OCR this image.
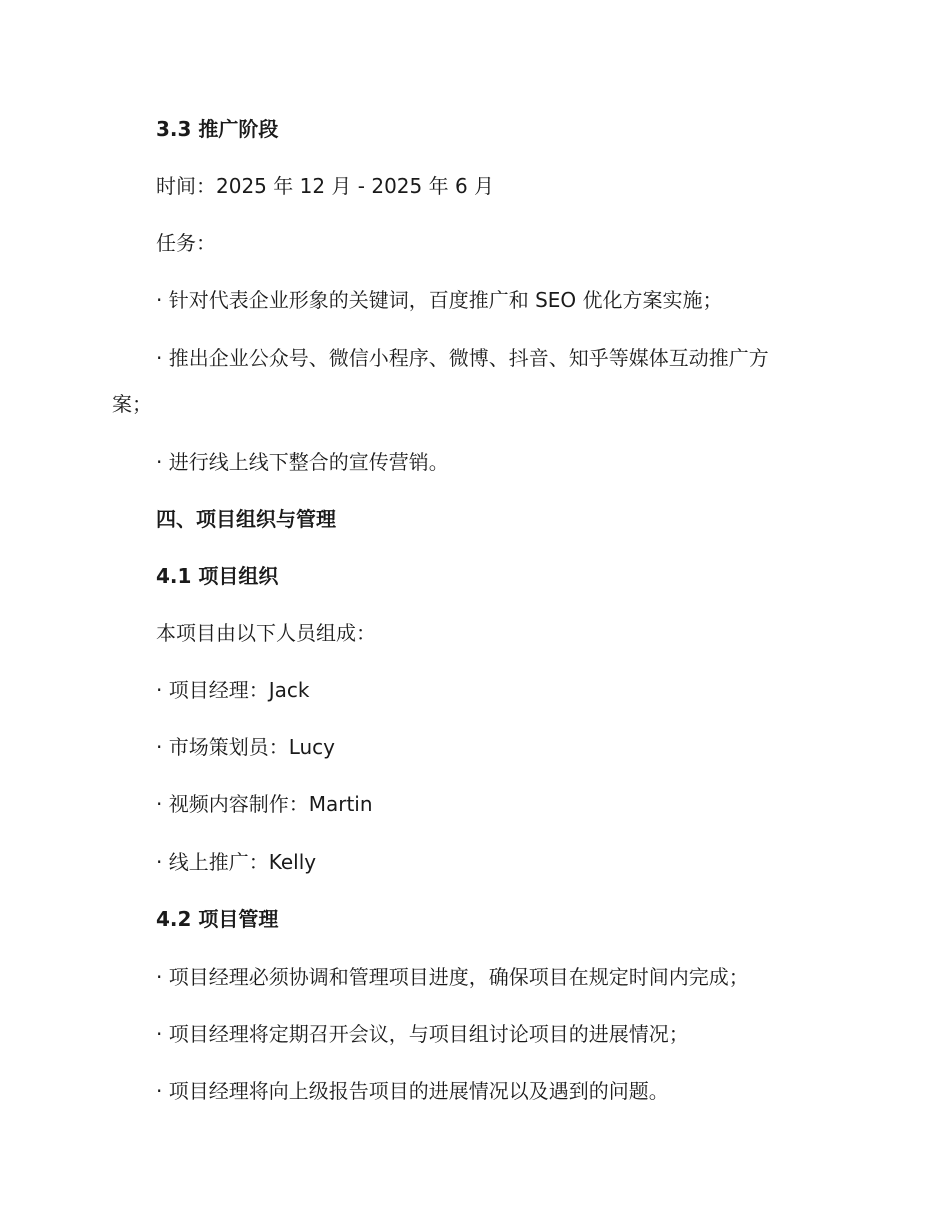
3.3 推广阶段
时间：2025 年 12 月 - 2025 年 6 月
任务：
· 针对代表企业形象的关键词，百度推广和 SEO 优化方案实施；
· 推出企业公众号、微信小程序、微博、抖音、知乎等媒体互动推广方
案；
· 进行线上线下整合的宣传营销。
四、项目组织与管理
4.1 项目组织
本项目由以下人员组成：
· 项目经理：Jack
· 市场策划员：Lucy
· 视频内容制作：Martin
· 线上推广：Kelly
4.2 项目管理
· 项目经理必须协调和管理项目进度，确保项目在规定时间内完成；
· 项目经理将定期召开会议，与项目组讨论项目的进展情况；
· 项目经理将向上级报告项目的进展情况以及遇到的问题。
